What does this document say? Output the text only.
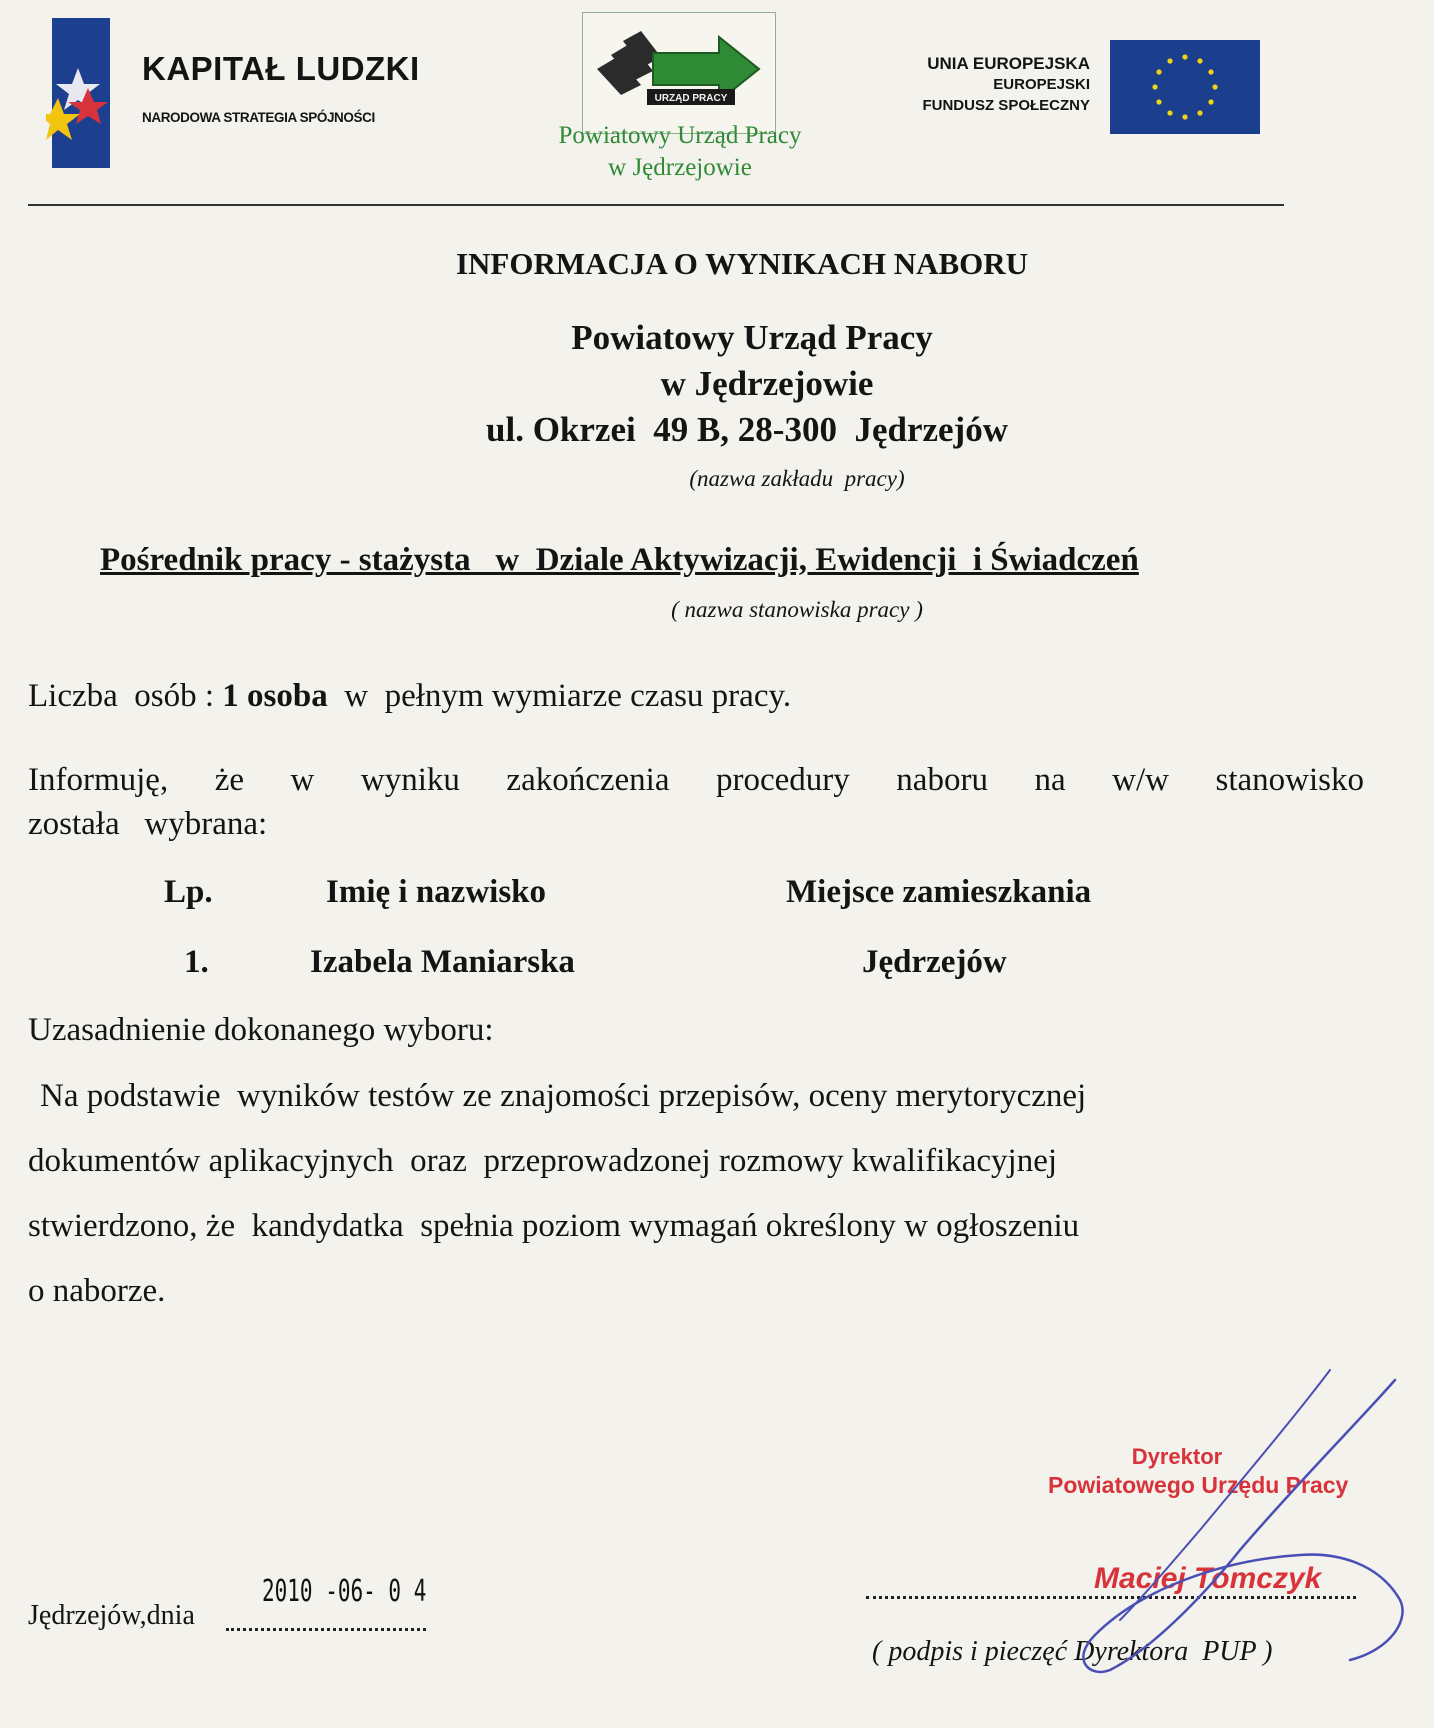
KAPITAŁ LUDZKI
NARODOWA STRATEGIA SPÓJNOŚCI
URZĄD PRACY
Powiatowy Urząd Pracy
w Jędrzejowie
UNIA EUROPEJSKA
EUROPEJSKI
FUNDUSZ SPOŁECZNY
INFORMACJA O WYNIKACH NABORU
Powiatowy Urząd Pracy
w Jędrzejowie
ul. Okrzei  49 B, 28-300  Jędrzejów
(nazwa zakładu  pracy)
Pośrednik pracy - stażysta   w  Dziale Aktywizacji, Ewidencji  i Świadczeń
( nazwa stanowiska pracy )
Liczba  osób : 1 osoba  w  pełnym wymiarze czasu pracy.
Informuję, że w wyniku zakończenia procedury naboru na w/w stanowisko
została   wybrana:
Lp.	Imię i nazwisko	Miejsce zamieszkania
1.	Izabela Maniarska	Jędrzejów
Uzasadnienie dokonanego wyboru:
Na podstawie  wyników testów ze znajomości przepisów, oceny merytorycznej
dokumentów aplikacyjnych  oraz  przeprowadzonej rozmowy kwalifikacyjnej
stwierdzono, że  kandydatka  spełnia poziom wymagań określony w ogłoszeniu
o naborze.
Jędrzejów,dnia
2010 -06- 0 4
( podpis i pieczęć Dyrektora  PUP )
Dyrektor
Powiatowego Urzędu Pracy
Maciej Tomczyk
